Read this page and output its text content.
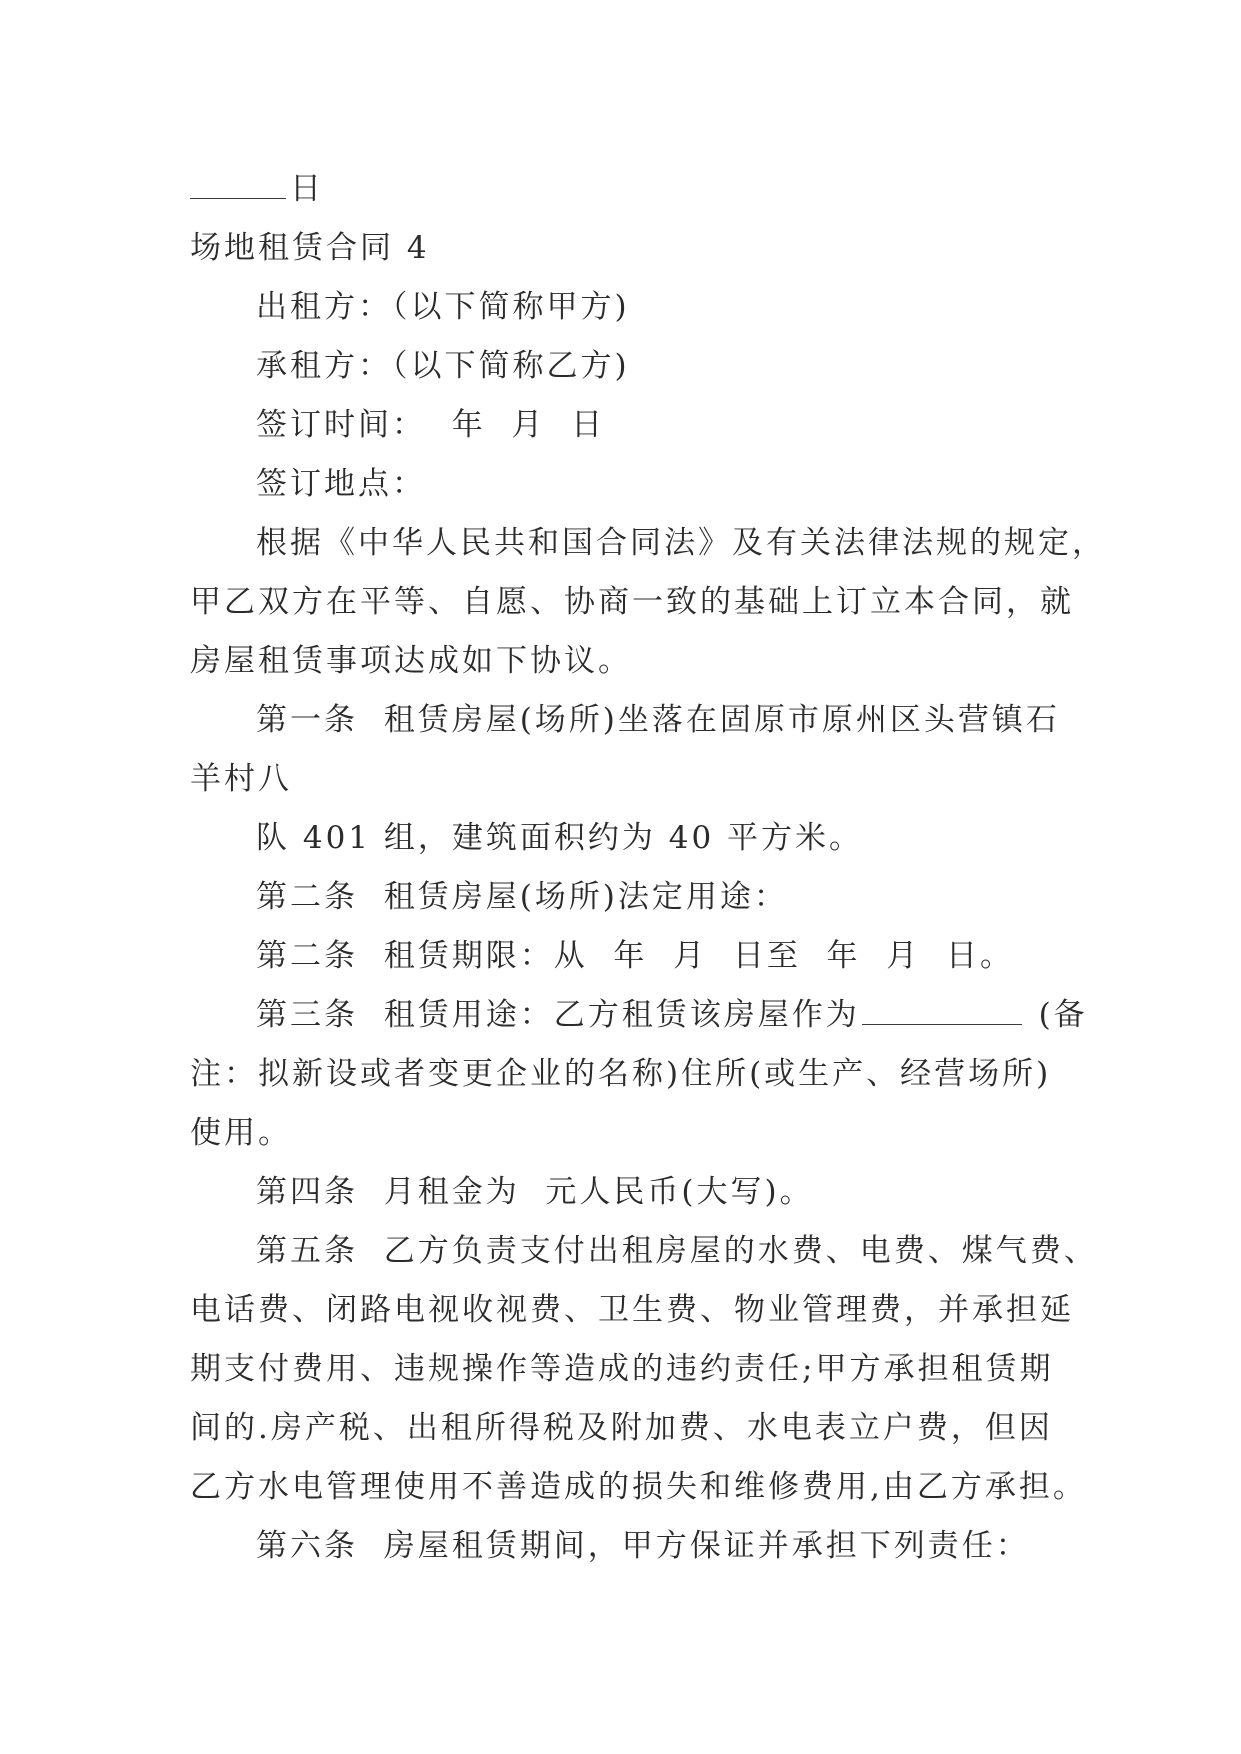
日
场地租赁合同 4
出租方：（以下简称甲方)
承租方：（以下简称乙方)
签订时间：  年  月  日
签订地点：
根据《中华人民共和国合同法》及有关法律法规的规定，
甲乙双方在平等、自愿、协商一致的基础上订立本合同，就
房屋租赁事项达成如下协议。
第一条  租赁房屋(场所)坐落在固原市原州区头营镇石
羊村八
队 401 组，建筑面积约为 40 平方米。
第二条  租赁房屋(场所)法定用途：
第二条  租赁期限：从  年  月  日至  年  月  日。
第三条  租赁用途：乙方租赁该房屋作为	(备
注：拟新设或者变更企业的名称)住所(或生产、经营场所)
使用。
第四条  月租金为  元人民币(大写)。
第五条  乙方负责支付出租房屋的水费、电费、煤气费、
电话费、闭路电视收视费、卫生费、物业管理费，并承担延
期支付费用、违规操作等造成的违约责任;甲方承担租赁期
间的.房产税、出租所得税及附加费、水电表立户费，但因
乙方水电管理使用不善造成的损失和维修费用,由乙方承担。
第六条  房屋租赁期间，甲方保证并承担下列责任：
